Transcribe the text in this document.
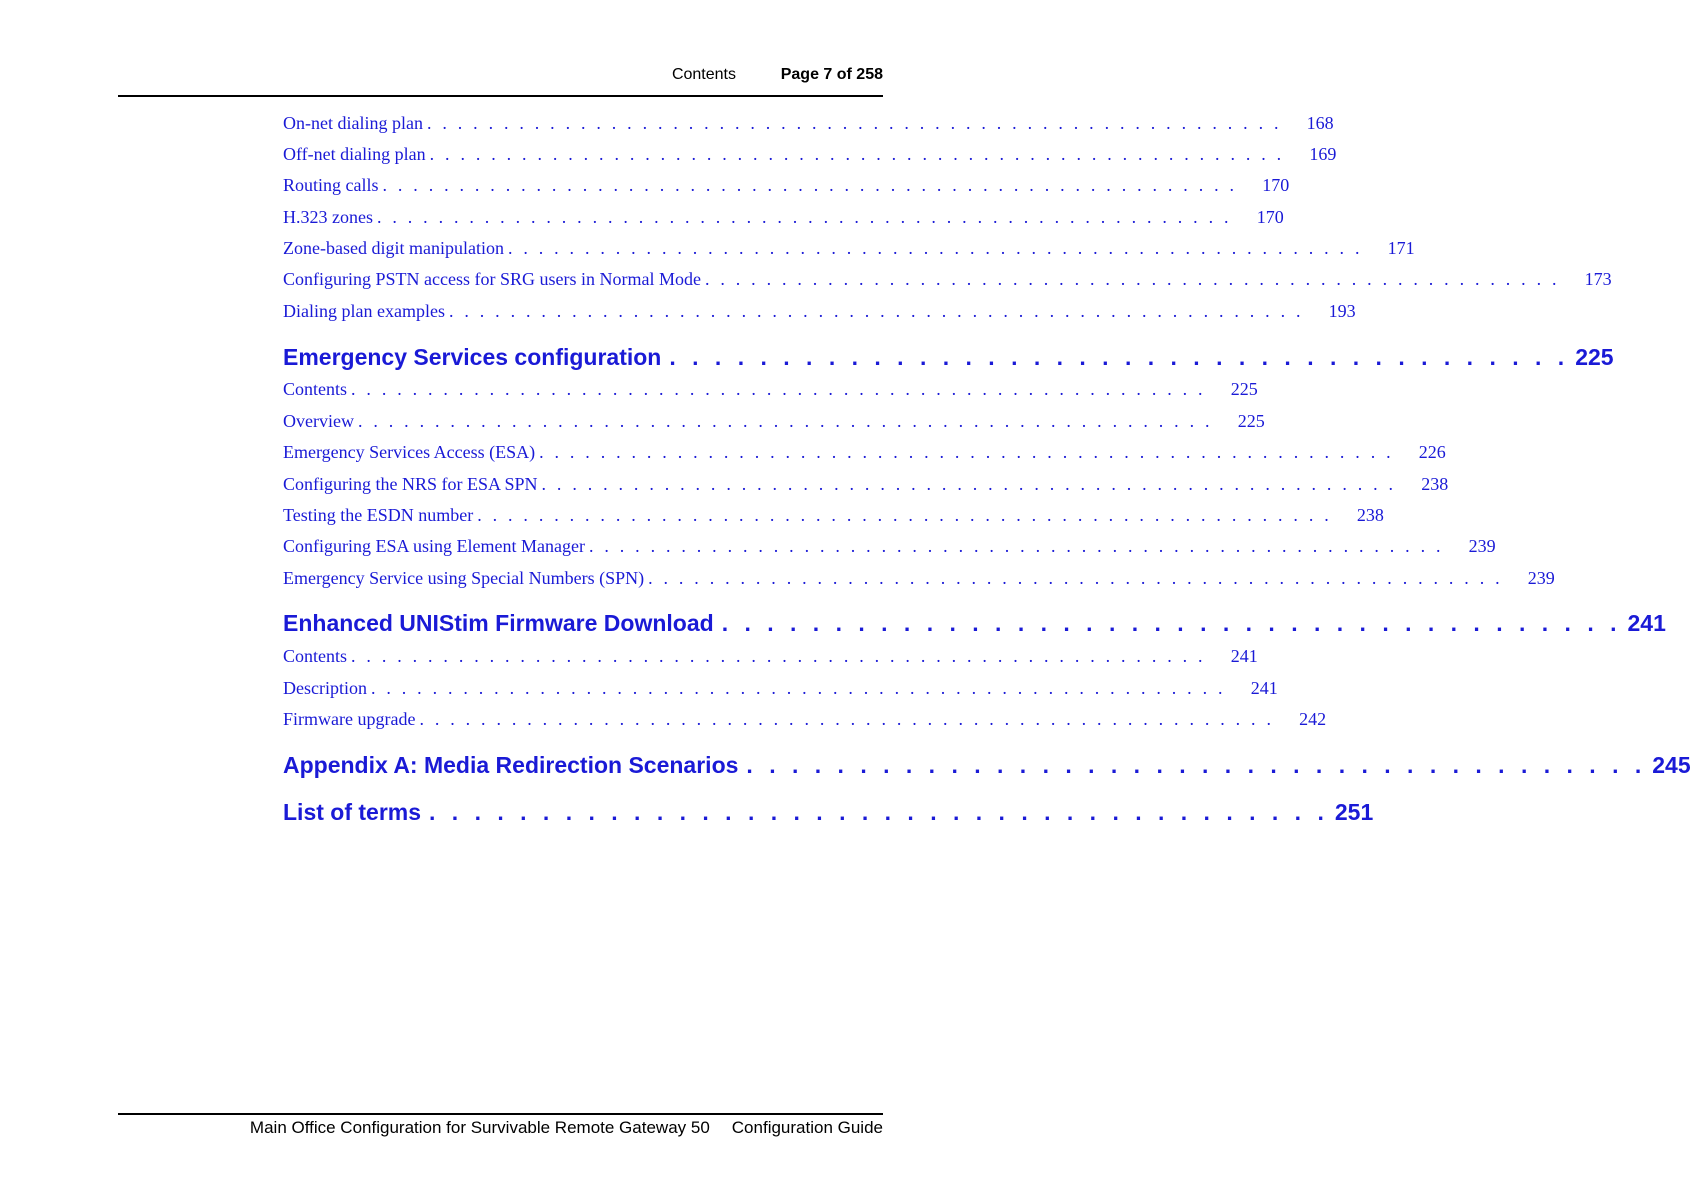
Contents	Page 7 of 258
On-net dialing plan . . . . . . . . . . . . . . . . . . . . . . . . . . . . . . . . . . . . . . . . . . . . . . . . . . . . . . . . 168
Off-net dialing plan . . . . . . . . . . . . . . . . . . . . . . . . . . . . . . . . . . . . . . . . . . . . . . . . . . . . . . . . 169
Routing calls . . . . . . . . . . . . . . . . . . . . . . . . . . . . . . . . . . . . . . . . . . . . . . . . . . . . . . . . 170
H.323 zones . . . . . . . . . . . . . . . . . . . . . . . . . . . . . . . . . . . . . . . . . . . . . . . . . . . . . . . . 170
Zone-based digit manipulation . . . . . . . . . . . . . . . . . . . . . . . . . . . . . . . . . . . . . . . . . . . . . . . . . . . . . . . . 171
Configuring PSTN access for SRG users in Normal Mode . . . . . . . . . . . . . . . . . . . . . . . . . . . . . . . . . . . . . . . . . . . . . . . . . . . . . . . . 173
Dialing plan examples . . . . . . . . . . . . . . . . . . . . . . . . . . . . . . . . . . . . . . . . . . . . . . . . . . . . . . . . 193
Emergency Services configuration . . . . . . . . . . . . . . . . . . . . . . . . . . . . . . . . . . . . . . . . 225
Contents . . . . . . . . . . . . . . . . . . . . . . . . . . . . . . . . . . . . . . . . . . . . . . . . . . . . . . . . 225
Overview . . . . . . . . . . . . . . . . . . . . . . . . . . . . . . . . . . . . . . . . . . . . . . . . . . . . . . . . 225
Emergency Services Access (ESA) . . . . . . . . . . . . . . . . . . . . . . . . . . . . . . . . . . . . . . . . . . . . . . . . . . . . . . . . 226
Configuring the NRS for ESA SPN . . . . . . . . . . . . . . . . . . . . . . . . . . . . . . . . . . . . . . . . . . . . . . . . . . . . . . . . 238
Testing the ESDN number . . . . . . . . . . . . . . . . . . . . . . . . . . . . . . . . . . . . . . . . . . . . . . . . . . . . . . . . 238
Configuring ESA using Element Manager . . . . . . . . . . . . . . . . . . . . . . . . . . . . . . . . . . . . . . . . . . . . . . . . . . . . . . . . 239
Emergency Service using Special Numbers (SPN) . . . . . . . . . . . . . . . . . . . . . . . . . . . . . . . . . . . . . . . . . . . . . . . . . . . . . . . . 239
Enhanced UNIStim Firmware Download . . . . . . . . . . . . . . . . . . . . . . . . . . . . . . . . . . . . . . . . 241
Contents . . . . . . . . . . . . . . . . . . . . . . . . . . . . . . . . . . . . . . . . . . . . . . . . . . . . . . . . 241
Description . . . . . . . . . . . . . . . . . . . . . . . . . . . . . . . . . . . . . . . . . . . . . . . . . . . . . . . . 241
Firmware upgrade . . . . . . . . . . . . . . . . . . . . . . . . . . . . . . . . . . . . . . . . . . . . . . . . . . . . . . . . 242
Appendix A: Media Redirection Scenarios . . . . . . . . . . . . . . . . . . . . . . . . . . . . . . . . . . . . . . . . 245
List of terms . . . . . . . . . . . . . . . . . . . . . . . . . . . . . . . . . . . . . . . . 251
Main Office Configuration for Survivable Remote Gateway 50 Configuration Guide
